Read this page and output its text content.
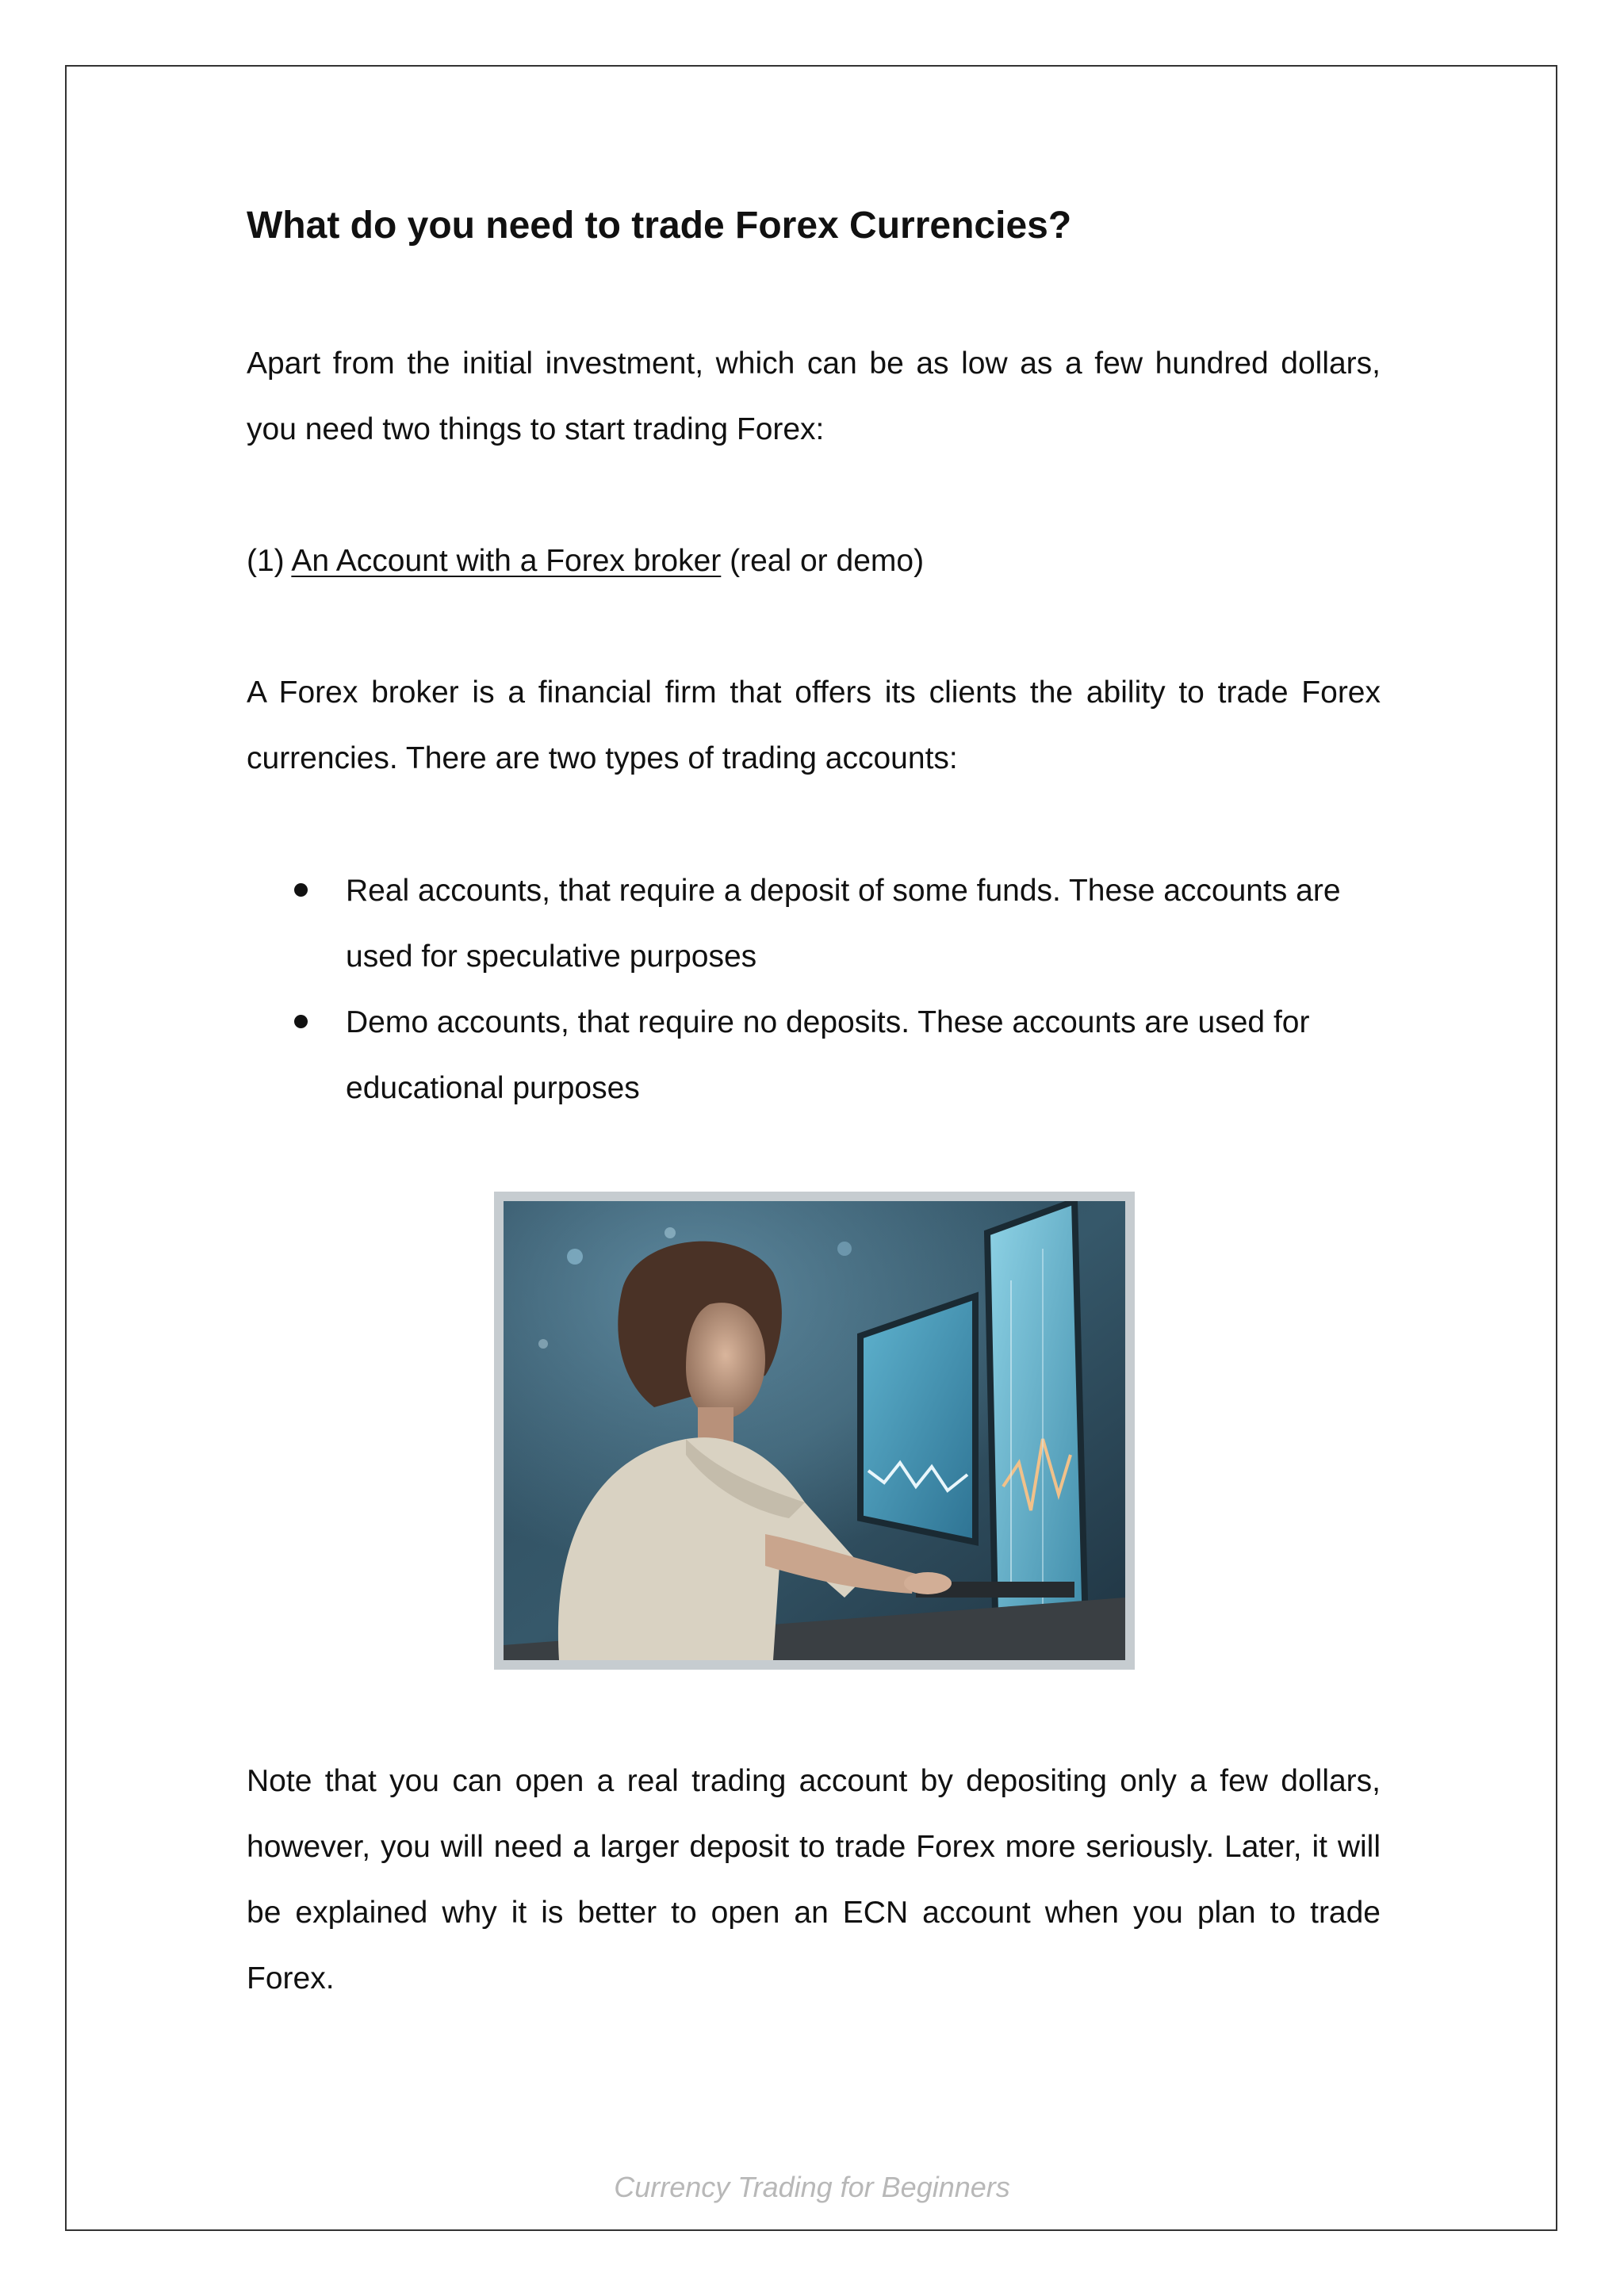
What do you need to trade Forex Currencies?

Apart from the initial investment, which can be as low as a few hundred dollars, you need two things to start trading Forex:

(1) An Account with a Forex broker (real or demo)

A Forex broker is a financial firm that offers its clients the ability to trade Forex currencies. There are two types of trading accounts:

Real accounts, that require a deposit of some funds. These accounts are used for speculative purposes
Demo accounts, that require no deposits. These accounts are used for educational purposes

Note that you can open a real trading account by depositing only a few dollars, however, you will need a larger deposit to trade Forex more seriously. Later, it will be explained why it is better to open an ECN account when you plan to trade Forex.

Currency Trading for Beginners
